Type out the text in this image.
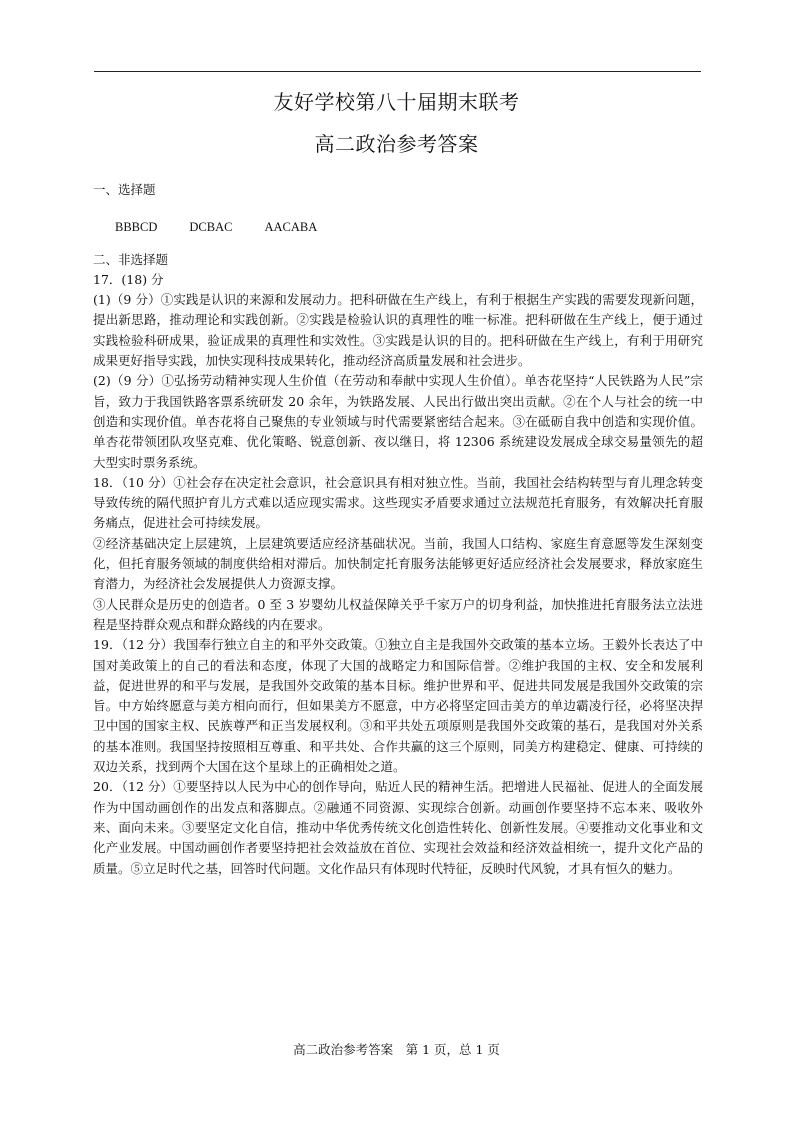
友好学校第八十届期末联考
高二政治参考答案

一、选择题

BBBCD	DCBAC	AACABA

二、非选择题

17．(18) 分

(1)（9 分）①实践是认识的来源和发展动力。把科研做在生产线上，有利于根据生产实践的需要发现新问题，提出新思路，推动理论和实践创新。②实践是检验认识的真理性的唯一标准。把科研做在生产线上，便于通过实践检验科研成果，验证成果的真理性和实效性。③实践是认识的目的。把科研做在生产线上，有利于用研究成果更好指导实践，加快实现科技成果转化，推动经济高质量发展和社会进步。

(2)（9 分）①弘扬劳动精神实现人生价值（在劳动和奉献中实现人生价值）。单杏花坚持“人民铁路为人民”宗旨，致力于我国铁路客票系统研发 20 余年，为铁路发展、人民出行做出突出贡献。②在个人与社会的统一中创造和实现价值。单杏花将自己聚焦的专业领域与时代需要紧密结合起来。③在砥砺自我中创造和实现价值。单杏花带领团队攻坚克难、优化策略、锐意创新、夜以继日，将 12306 系统建设发展成全球交易量领先的超大型实时票务系统。

18．（10 分）①社会存在决定社会意识，社会意识具有相对独立性。当前，我国社会结构转型与育儿理念转变导致传统的隔代照护育儿方式难以适应现实需求。这些现实矛盾要求通过立法规范托育服务，有效解决托育服务痛点，促进社会可持续发展。

②经济基础决定上层建筑，上层建筑要适应经济基础状况。当前，我国人口结构、家庭生育意愿等发生深刻变化，但托育服务领域的制度供给相对滞后。加快制定托育服务法能够更好适应经济社会发展要求，释放家庭生育潜力，为经济社会发展提供人力资源支撑。

③人民群众是历史的创造者。0 至 3 岁婴幼儿权益保障关乎千家万户的切身利益，加快推进托育服务法立法进程是坚持群众观点和群众路线的内在要求。

19．（12 分）我国奉行独立自主的和平外交政策。①独立自主是我国外交政策的基本立场。王毅外长表达了中国对美政策上的自己的看法和态度，体现了大国的战略定力和国际信誉。②维护我国的主权、安全和发展利益，促进世界的和平与发展，是我国外交政策的基本目标。维护世界和平、促进共同发展是我国外交政策的宗旨。中方始终愿意与美方相向而行，但如果美方不愿意，中方必将坚定回击美方的单边霸凌行径，必将坚决捍卫中国的国家主权、民族尊严和正当发展权利。③和平共处五项原则是我国外交政策的基石，是我国对外关系的基本准则。我国坚持按照相互尊重、和平共处、合作共赢的这三个原则，同美方构建稳定、健康、可持续的双边关系，找到两个大国在这个星球上的正确相处之道。

20．（12 分）①要坚持以人民为中心的创作导向，贴近人民的精神生活。把增进人民福祉、促进人的全面发展作为中国动画创作的出发点和落脚点。②融通不同资源、实现综合创新。动画创作要坚持不忘本来、吸收外来、面向未来。③要坚定文化自信，推动中华优秀传统文化创造性转化、创新性发展。④要推动文化事业和文化产业发展。中国动画创作者要坚持把社会效益放在首位、实现社会效益和经济效益相统一，提升文化产品的质量。⑤立足时代之基，回答时代问题。文化作品只有体现时代特征，反映时代风貌，才具有恒久的魅力。

高二政治参考答案　第 1 页，总 1 页
